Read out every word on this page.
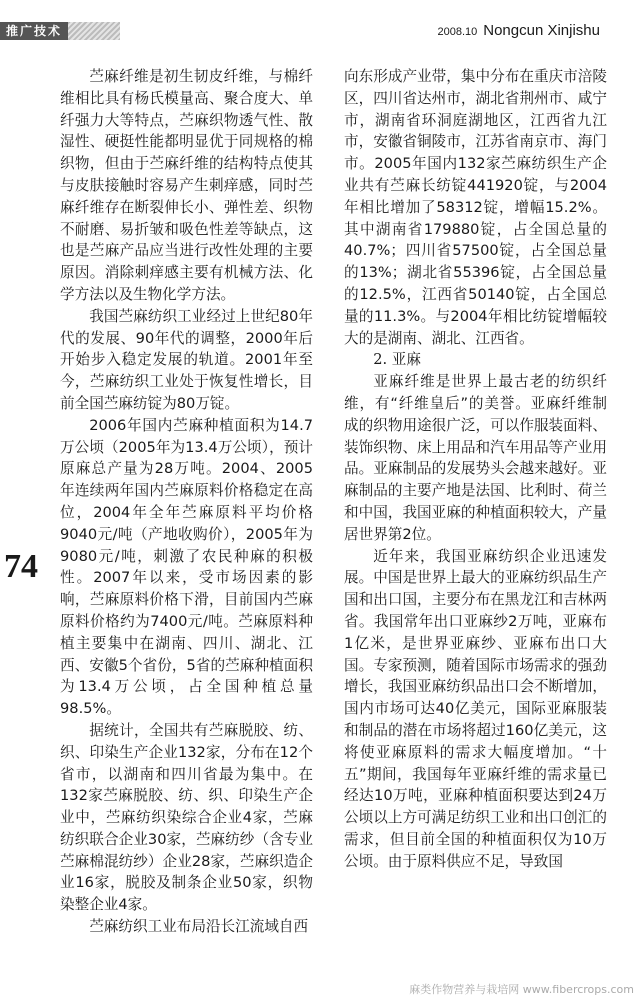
推广技术	2008.10 Nongcun Xinjishu
74

苎麻纤维是初生韧皮纤维，与棉纤维相比具有杨氏模量高、聚合度大、单纤强力大等特点，苎麻织物透气性、散湿性、硬挺性能都明显优于同规格的棉织物，但由于苎麻纤维的结构特点使其与皮肤接触时容易产生刺痒感，同时苎麻纤维存在断裂伸长小、弹性差、织物不耐磨、易折皱和吸色性差等缺点，这也是苎麻产品应当进行改性处理的主要原因。消除刺痒感主要有机械方法、化学方法以及生物化学方法。

我国苎麻纺织工业经过上世纪80年代的发展、90年代的调整，2000年后开始步入稳定发展的轨道。2001年至今，苎麻纺织工业处于恢复性增长，目前全国苎麻纺锭为80万锭。

2006年国内苎麻种植面积为14.7万公顷（2005年为13.4万公顷），预计原麻总产量为28万吨。2004、2005年连续两年国内苎麻原料价格稳定在高位，2004年全年苎麻原料平均价格9040元/吨（产地收购价），2005年为9080元/吨，刺激了农民种麻的积极性。2007年以来，受市场因素的影响，苎麻原料价格下滑，目前国内苎麻原料价格约为7400元/吨。苎麻原料种植主要集中在湖南、四川、湖北、江西、安徽5个省份，5省的苎麻种植面积为13.4万公顷，占全国种植总量98.5%。

据统计，全国共有苎麻脱胶、纺、织、印染生产企业132家，分布在12个省市，以湖南和四川省最为集中。在132家苎麻脱胶、纺、织、印染生产企业中，苎麻纺织染综合企业4家，苎麻纺织联合企业30家，苎麻纺纱（含专业苎麻棉混纺纱）企业28家，苎麻织造企业16家，脱胶及制条企业50家，织物染整企业4家。

苎麻纺织工业布局沿长江流域自西

向东形成产业带，集中分布在重庆市涪陵区，四川省达州市，湖北省荆州市、咸宁市，湖南省环洞庭湖地区，江西省九江市，安徽省铜陵市，江苏省南京市、海门市。2005年国内132家苎麻纺织生产企业共有苎麻长纺锭441920锭，与2004年相比增加了58312锭，增幅15.2%。其中湖南省179880锭，占全国总量的40.7%；四川省57500锭，占全国总量的13%；湖北省55396锭，占全国总量的12.5%，江西省50140锭，占全国总量的11.3%。与2004年相比纺锭增幅较大的是湖南、湖北、江西省。

2. 亚麻

亚麻纤维是世界上最古老的纺织纤维，有“纤维皇后”的美誉。亚麻纤维制成的织物用途很广泛，可以作服装面料、装饰织物、床上用品和汽车用品等产业用品。亚麻制品的发展势头会越来越好。亚麻制品的主要产地是法国、比利时、荷兰和中国，我国亚麻的种植面积较大，产量居世界第2位。

近年来，我国亚麻纺织企业迅速发展。中国是世界上最大的亚麻纺织品生产国和出口国，主要分布在黑龙江和吉林两省。我国常年出口亚麻纱2万吨，亚麻布1亿米，是世界亚麻纱、亚麻布出口大国。专家预测，随着国际市场需求的强劲增长，我国亚麻纺织品出口会不断增加，国内市场可达40亿美元，国际亚麻服装和制品的潜在市场将超过160亿美元，这将使亚麻原料的需求大幅度增加。“十五”期间，我国每年亚麻纤维的需求量已经达10万吨，亚麻种植面积要达到24万公顷以上方可满足纺织工业和出口创汇的需求，但目前全国的种植面积仅为10万公顷。由于原料供应不足，导致国

麻类作物营养与栽培网 www.fibercrops.com
